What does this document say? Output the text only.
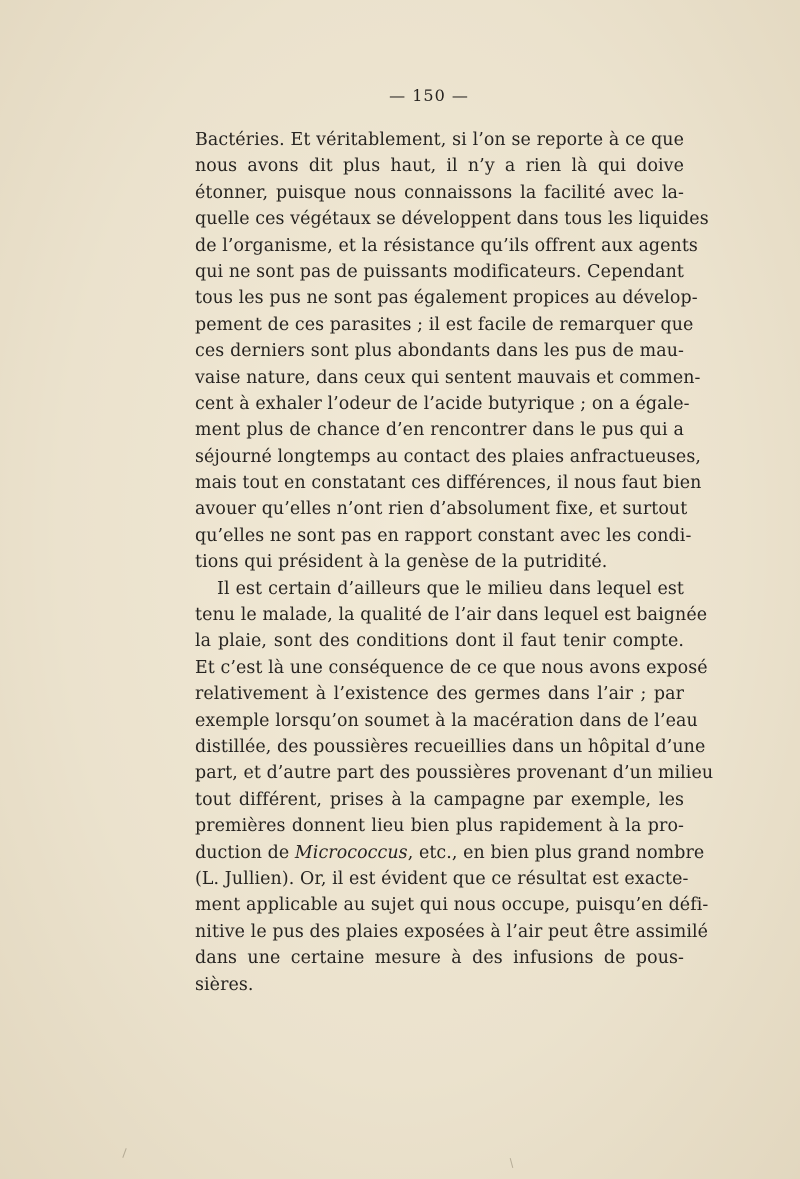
— 150 —
Bactéries. Et véritablement, si l’on se reporte à ce que
nous avons dit plus haut, il n’y a rien là qui doive
étonner, puisque nous connaissons la facilité avec la-
quelle ces végétaux se développent dans tous les liquides
de l’organisme, et la résistance qu’ils offrent aux agents
qui ne sont pas de puissants modificateurs. Cependant
tous les pus ne sont pas également propices au dévelop-
pement de ces parasites ; il est facile de remarquer que
ces derniers sont plus abondants dans les pus de mau-
vaise nature, dans ceux qui sentent mauvais et commen-
cent à exhaler l’odeur de l’acide butyrique ; on a égale-
ment plus de chance d’en rencontrer dans le pus qui a
séjourné longtemps au contact des plaies anfractueuses,
mais tout en constatant ces différences, il nous faut bien
avouer qu’elles n’ont rien d’absolument fixe, et surtout
qu’elles ne sont pas en rapport constant avec les condi-
tions qui président à la genèse de la putridité.
Il est certain d’ailleurs que le milieu dans lequel est
tenu le malade, la qualité de l’air dans lequel est baignée
la plaie, sont des conditions dont il faut tenir compte.
Et c’est là une conséquence de ce que nous avons exposé
relativement à l’existence des germes dans l’air ; par
exemple lorsqu’on soumet à la macération dans de l’eau
distillée, des poussières recueillies dans un hôpital d’une
part, et d’autre part des poussières provenant d’un milieu
tout différent, prises à la campagne par exemple, les
premières donnent lieu bien plus rapidement à la pro-
duction de Micrococcus, etc., en bien plus grand nombre
(L. Jullien). Or, il est évident que ce résultat est exacte-
ment applicable au sujet qui nous occupe, puisqu’en défi-
nitive le pus des plaies exposées à l’air peut être assimilé
dans une certaine mesure à des infusions de pous-
sières.
